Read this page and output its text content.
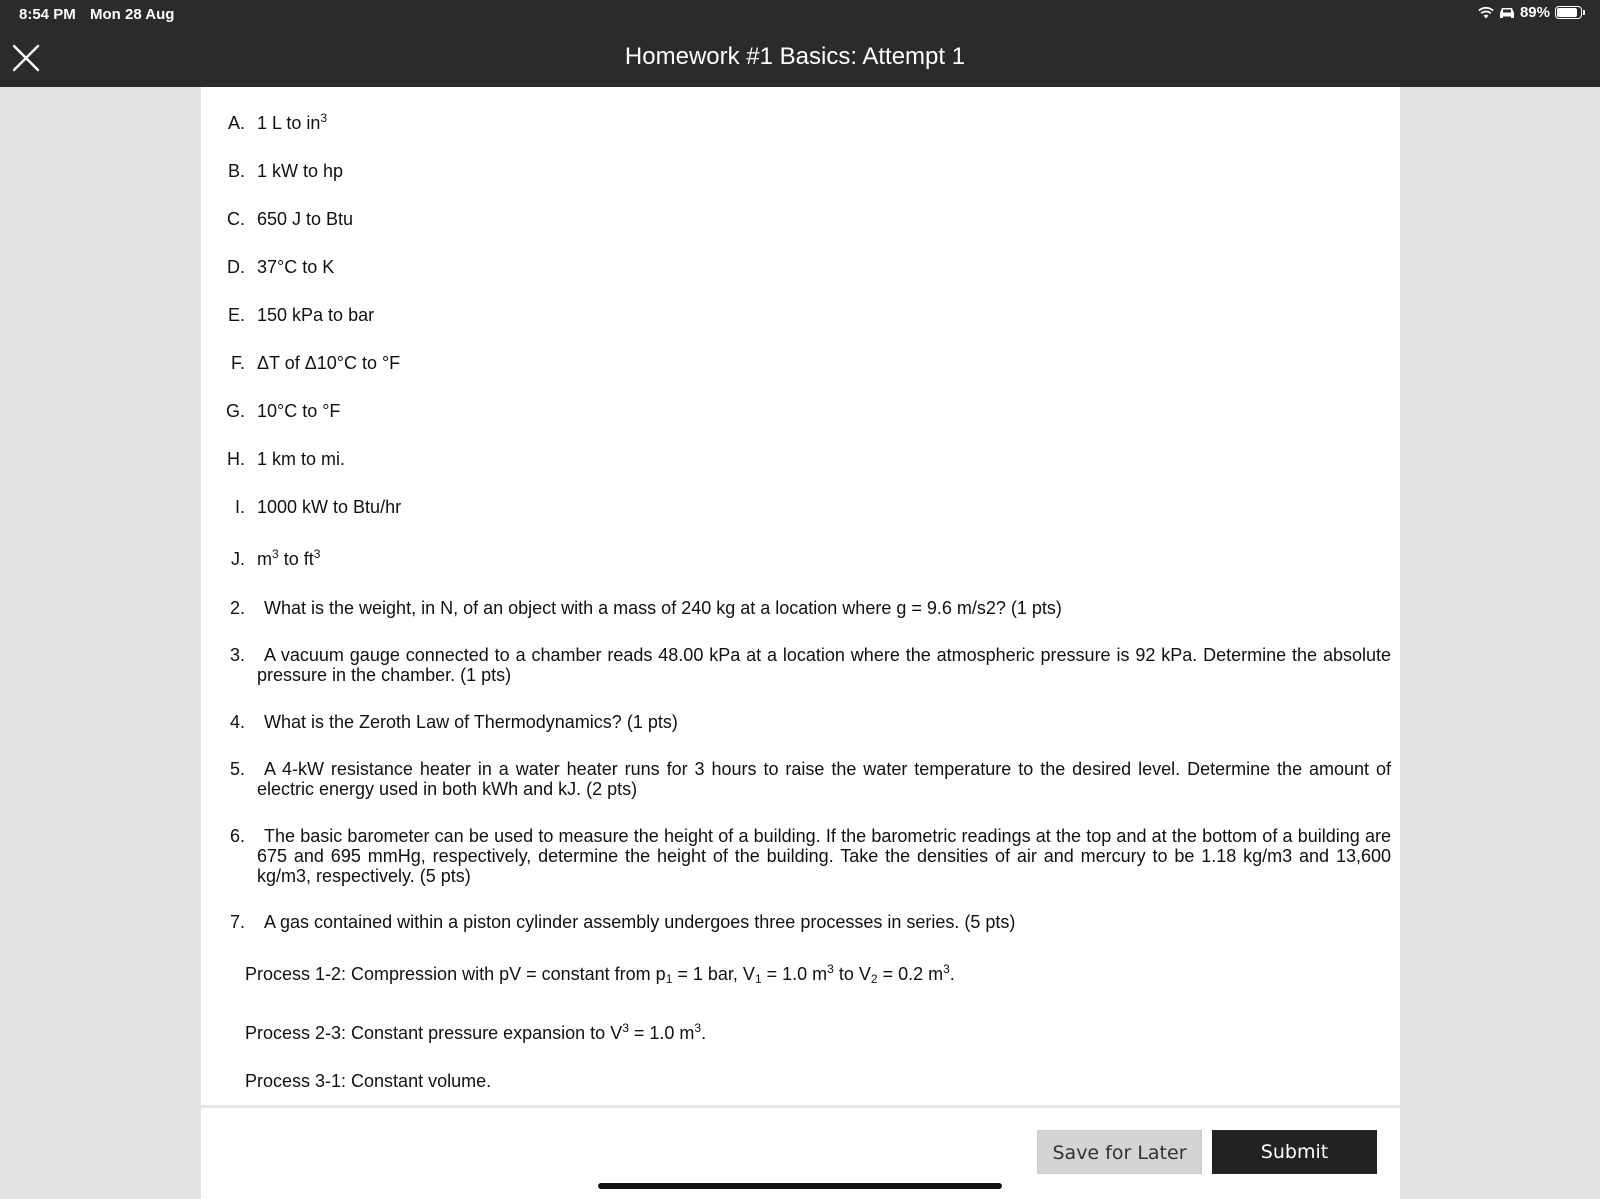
8:54 PM Mon 28 Aug	89%
Homework #1 Basics: Attempt 1
A. 1 L to $in^3$
B. 1 kW to hp
C. 650 J to Btu
D. 37°C to K
E. 150 kPa to bar
F. ΔT of Δ10°C to °F
G. 10°C to °F
H. 1 km to mi.
I. 1000 kW to Btu/hr
J. $m^3$ to $ft^3$
2.	What is the weight, in N, of an object with a mass of 240 kg at a location where g = 9.6 m/s2? (1 pts)
3.	A vacuum gauge connected to a chamber reads 48.00 kPa at a location where the atmospheric pressure is 92 kPa. Determine the absolute pressure in the chamber. (1 pts)
4.	What is the Zeroth Law of Thermodynamics? (1 pts)
5.	A 4-kW resistance heater in a water heater runs for 3 hours to raise the water temperature to the desired level. Determine the amount of electric energy used in both kWh and kJ. (2 pts)
6.	The basic barometer can be used to measure the height of a building. If the barometric readings at the top and at the bottom of a building are 675 and 695 mmHg, respectively, determine the height of the building. Take the densities of air and mercury to be 1.18 kg/m3 and 13,600 kg/m3, respectively. (5 pts)
7.	A gas contained within a piston cylinder assembly undergoes three processes in series. (5 pts)
Process 1-2: Compression with pV = constant from $p_1 = 1$ bar, $V_1 = 1.0$ $m^3$ to $V_2 = 0.2$ $m^3$.
Process 2-3: Constant pressure expansion to $V^3 = 1.0$ $m^3$.
Process 3-1: Constant volume.
Save for Later	Submit
